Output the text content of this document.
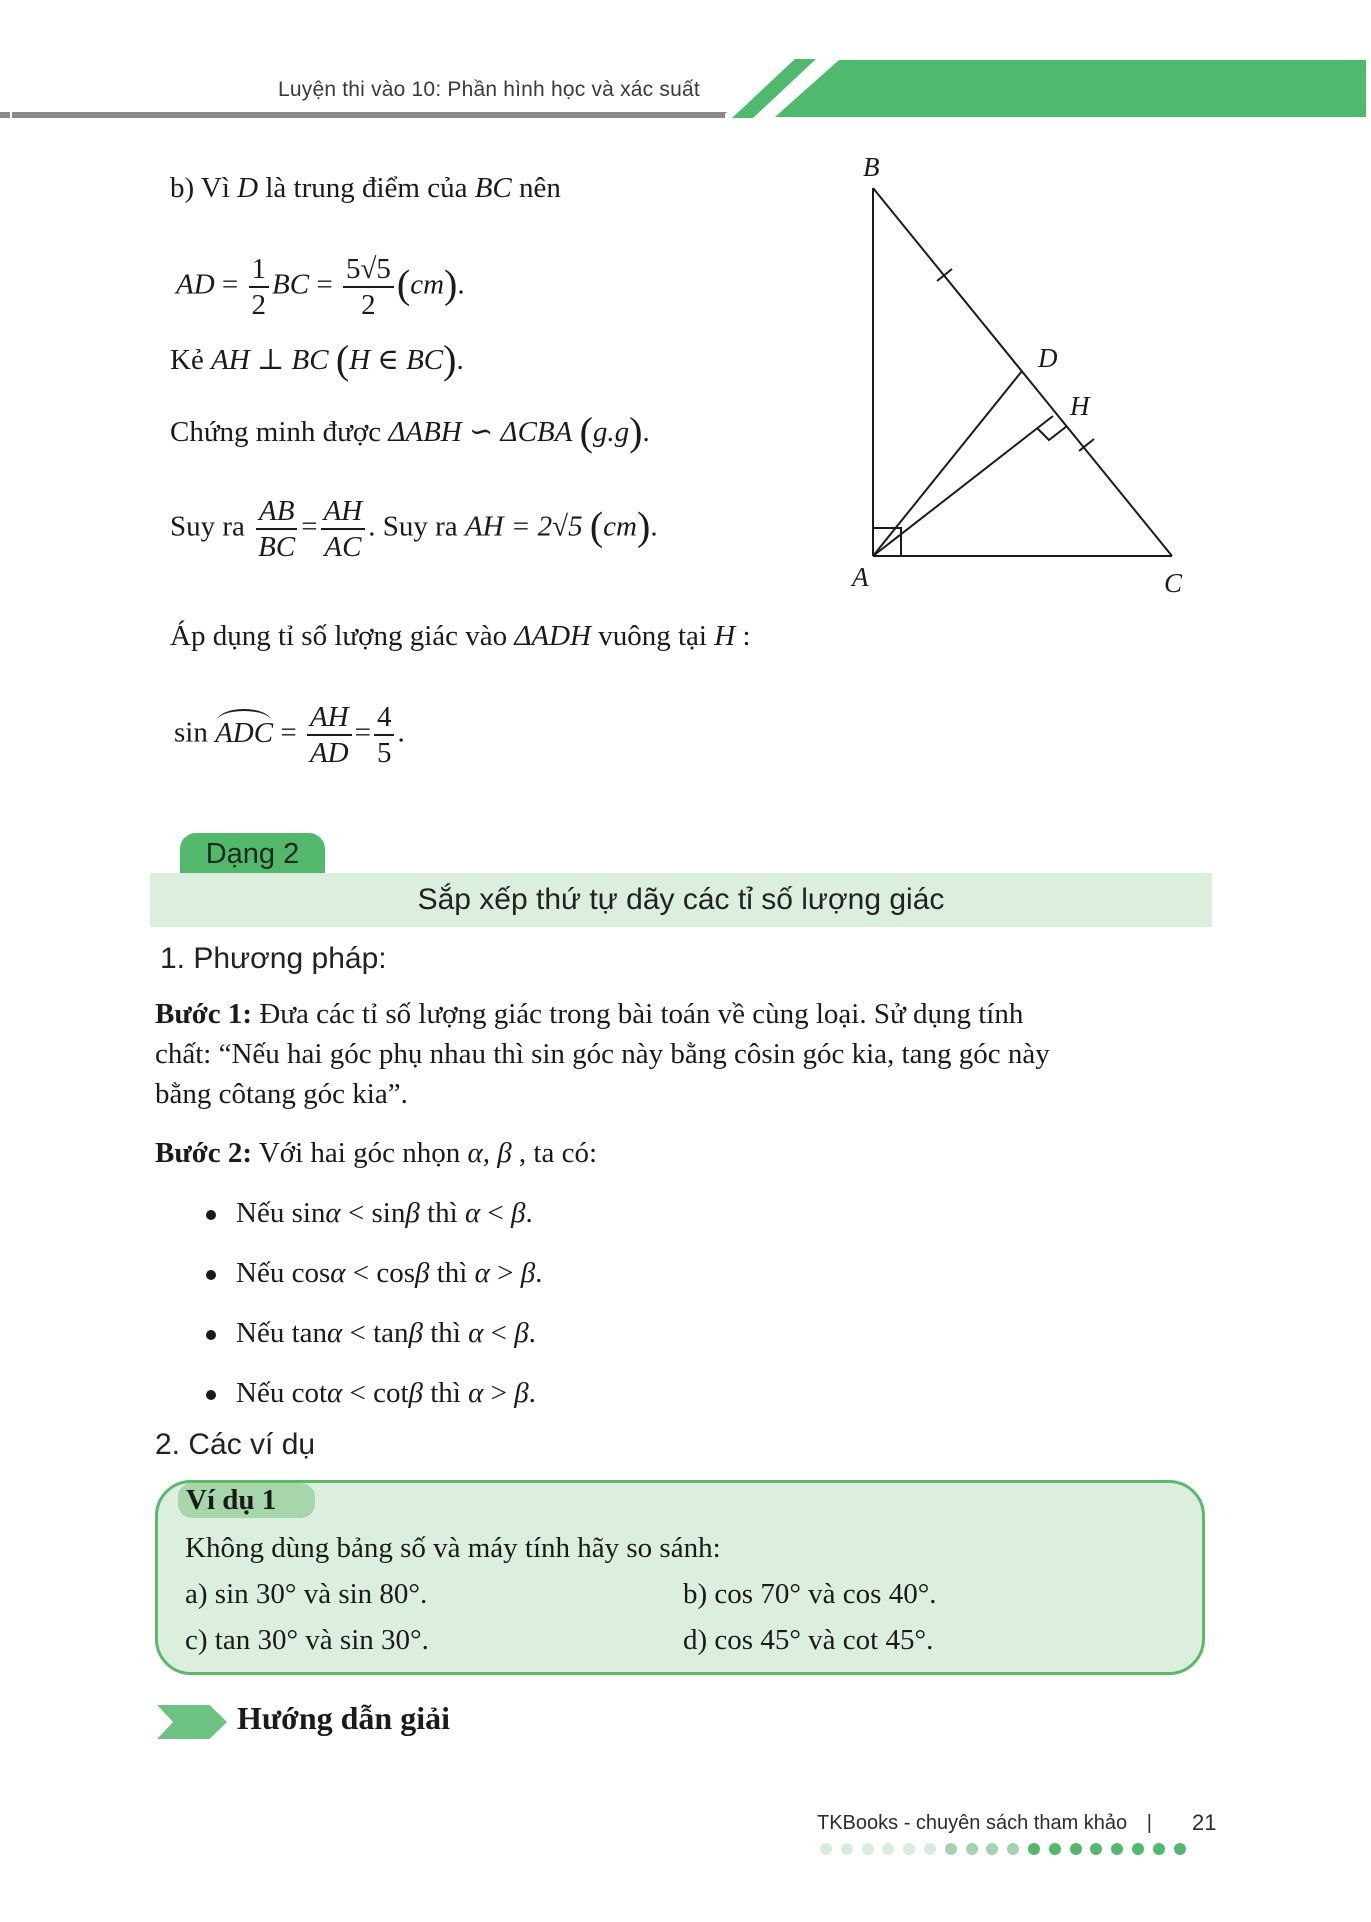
Luyện thi vào 10: Phần hình học và xác suất
b) Vì D là trung điểm của BC nên
AD = $\frac{1}{2}$ BC = $\frac{5√5}{2} (cm)$.
Kẻ AH ⊥ BC (H ∈ BC).
Chứng minh được ΔABH ∽ ΔCBA (g.g).
Suy ra $\frac{AB}{BC} = \frac{AH}{AC}$ . Suy ra AH = 2√5 (cm).
Áp dụng tỉ số lượng giác vào ΔADH vuông tại H :
sin ADC = $\frac{AH}{AD} = \frac{4}{5}$ .
B
A	C
D
H
Dạng 2
Sắp xếp thứ tự dãy các tỉ số lượng giác
1. Phương pháp:
Bước 1: Đưa các tỉ số lượng giác trong bài toán về cùng loại. Sử dụng tính
chất: “Nếu hai góc phụ nhau thì sin góc này bằng côsin góc kia, tang góc này
bằng côtang góc kia”.
Bước 2: Với hai góc nhọn α, β , ta có:
Nếu sinα < sinβ thì α < β.
Nếu cosα < cosβ thì α > β.
Nếu tanα < tanβ thì α < β.
Nếu cotα < cotβ thì α > β.
2. Các ví dụ
Ví dụ 1
Không dùng bảng số và máy tính hãy so sánh:
a) sin 30° và sin 80°.	b) cos 70° và cos 40°.
c) tan 30° và sin 30°.	d) cos 45° và cot 45°.
Hướng dẫn giải
TKBooks - chuyên sách tham khảo | 21
